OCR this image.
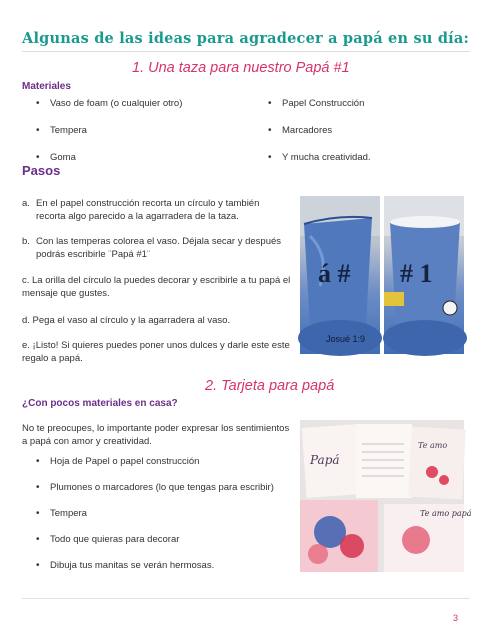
Algunas de las ideas para agradecer a papá en su día:
1. Una taza para nuestro Papá #1
Materiales
• Vaso de foam (o cualquier otro)
• Tempera
• Goma
• Papel Construcción
• Marcadores
• Y mucha creatividad.
Pasos
a. En el papel construcción recorta un círculo y también
recorta algo parecido a la agarradera de la taza.
b. Con las temperas colorea el vaso. Déjala secar y después
podrás escribirle ¨Papá #1¨
c. La orilla del círculo la puedes decorar y escribirle a tu papá el mensaje que gustes.
d. Pega el vaso al círculo y la agarradera al vaso.
e. ¡Listo! Si quieres puedes poner unos dulces y darle este este regalo a papá.
á #
Josué 1:9
# 1
2. Tarjeta para papá
¿Con pocos materiales en casa?
No te preocupes, lo importante poder expresar los sentimientos a papá con amor y creatividad.
• Hoja de Papel o papel construcción
• Plumones o marcadores (lo que tengas para escribir)
• Tempera
• Todo que quieras para decorar
• Dibuja tus manitas se verán hermosas.
Papá
Te amo
Te amo papá
3
